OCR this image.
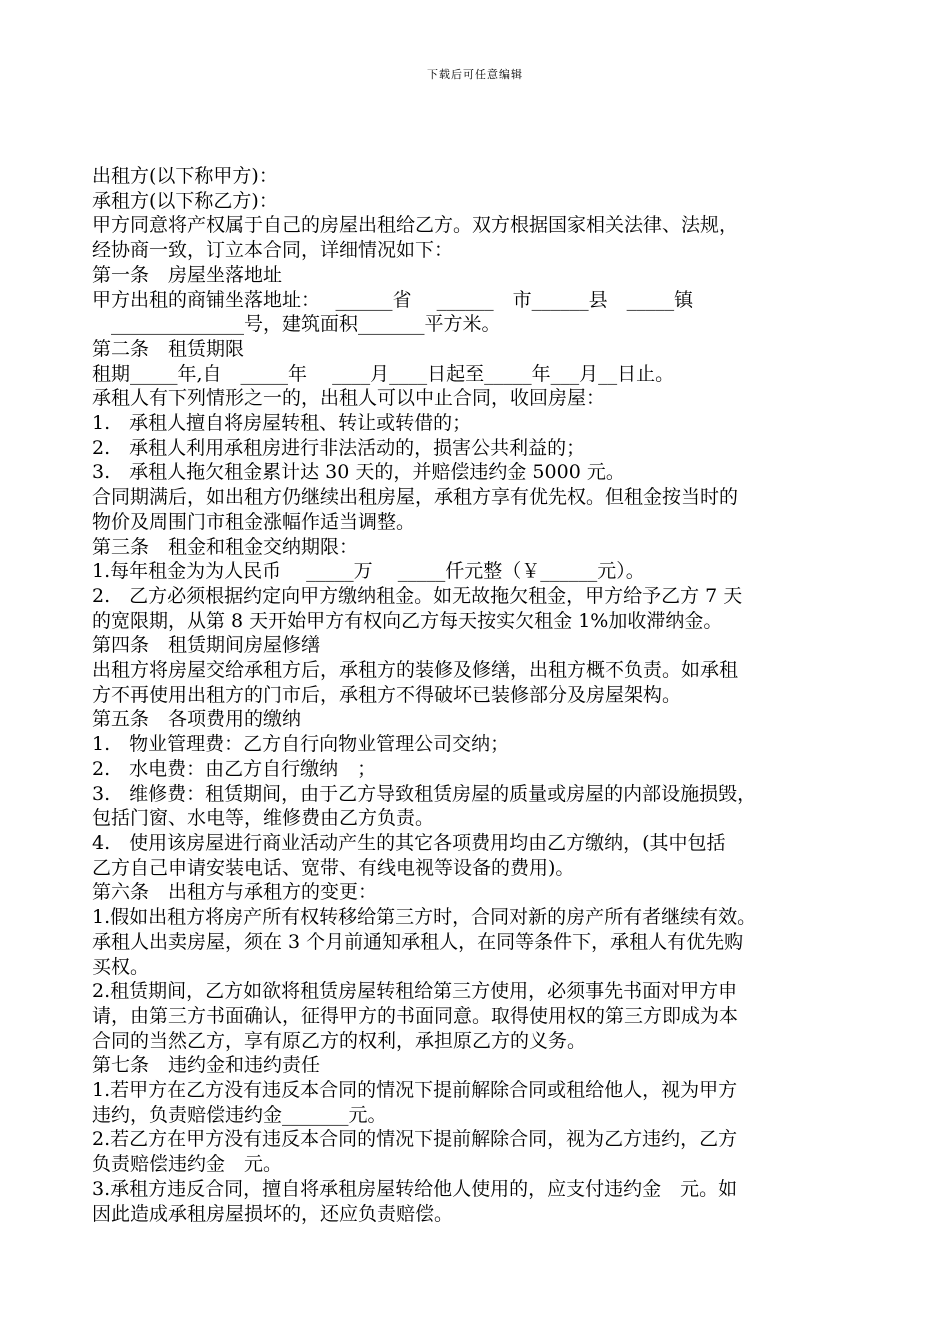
下载后可任意编辑
出租方(以下称甲方)：
承租方(以下称乙方)：
甲方同意将产权属于自己的房屋出租给乙方。双方根据国家相关法律、法规，
经协商一致，订立本合同，详细情况如下：
第一条　房屋坐落地址
甲方出租的商铺坐落地址：　 ______省　 ______　市______县　_____镇
　______________号，建筑面积_______平方米。
第二条　租赁期限
租期_____年,自　_____年　 ____月____日起至_____年___月__日止。
承租人有下列情形之一的，出租人可以中止合同，收回房屋：
1.　承租人擅自将房屋转租、转让或转借的；
2.　承租人利用承租房进行非法活动的，损害公共利益的；
3.　承租人拖欠租金累计达 30 天的，并赔偿违约金 5000 元。
合同期满后，如出租方仍继续出租房屋，承租方享有优先权。但租金按当时的
物价及周围门市租金涨幅作适当调整。
第三条　租金和租金交纳期限：
1.每年租金为为人民币　 _____万　 _____仟元整（￥______元）。
2.　乙方必须根据约定向甲方缴纳租金。如无故拖欠租金，甲方给予乙方 7 天
的宽限期，从第 8 天开始甲方有权向乙方每天按实欠租金 1%加收滞纳金。
第四条　租赁期间房屋修缮
出租方将房屋交给承租方后，承租方的装修及修缮，出租方概不负责。如承租
方不再使用出租方的门市后，承租方不得破坏已装修部分及房屋架构。
第五条　各项费用的缴纳
1.　物业管理费：乙方自行向物业管理公司交纳；
2.　水电费：由乙方自行缴纳　；
3.　维修费：租赁期间，由于乙方导致租赁房屋的质量或房屋的内部设施损毁，
包括门窗、水电等，维修费由乙方负责。
4.　使用该房屋进行商业活动产生的其它各项费用均由乙方缴纳，(其中包括
乙方自己申请安装电话、宽带、有线电视等设备的费用)。
第六条　出租方与承租方的变更：
1.假如出租方将房产所有权转移给第三方时，合同对新的房产所有者继续有效。
承租人出卖房屋，须在 3 个月前通知承租人，在同等条件下，承租人有优先购
买权。
2.租赁期间，乙方如欲将租赁房屋转租给第三方使用，必须事先书面对甲方申
请，由第三方书面确认，征得甲方的书面同意。取得使用权的第三方即成为本
合同的当然乙方，享有原乙方的权利，承担原乙方的义务。
第七条　违约金和违约责任
1.若甲方在乙方没有违反本合同的情况下提前解除合同或租给他人，视为甲方
违约，负责赔偿违约金_______元。
2.若乙方在甲方没有违反本合同的情况下提前解除合同，视为乙方违约，乙方
负责赔偿违约金　元。
3.承租方违反合同，擅自将承租房屋转给他人使用的，应支付违约金　元。如
因此造成承租房屋损坏的，还应负责赔偿。
